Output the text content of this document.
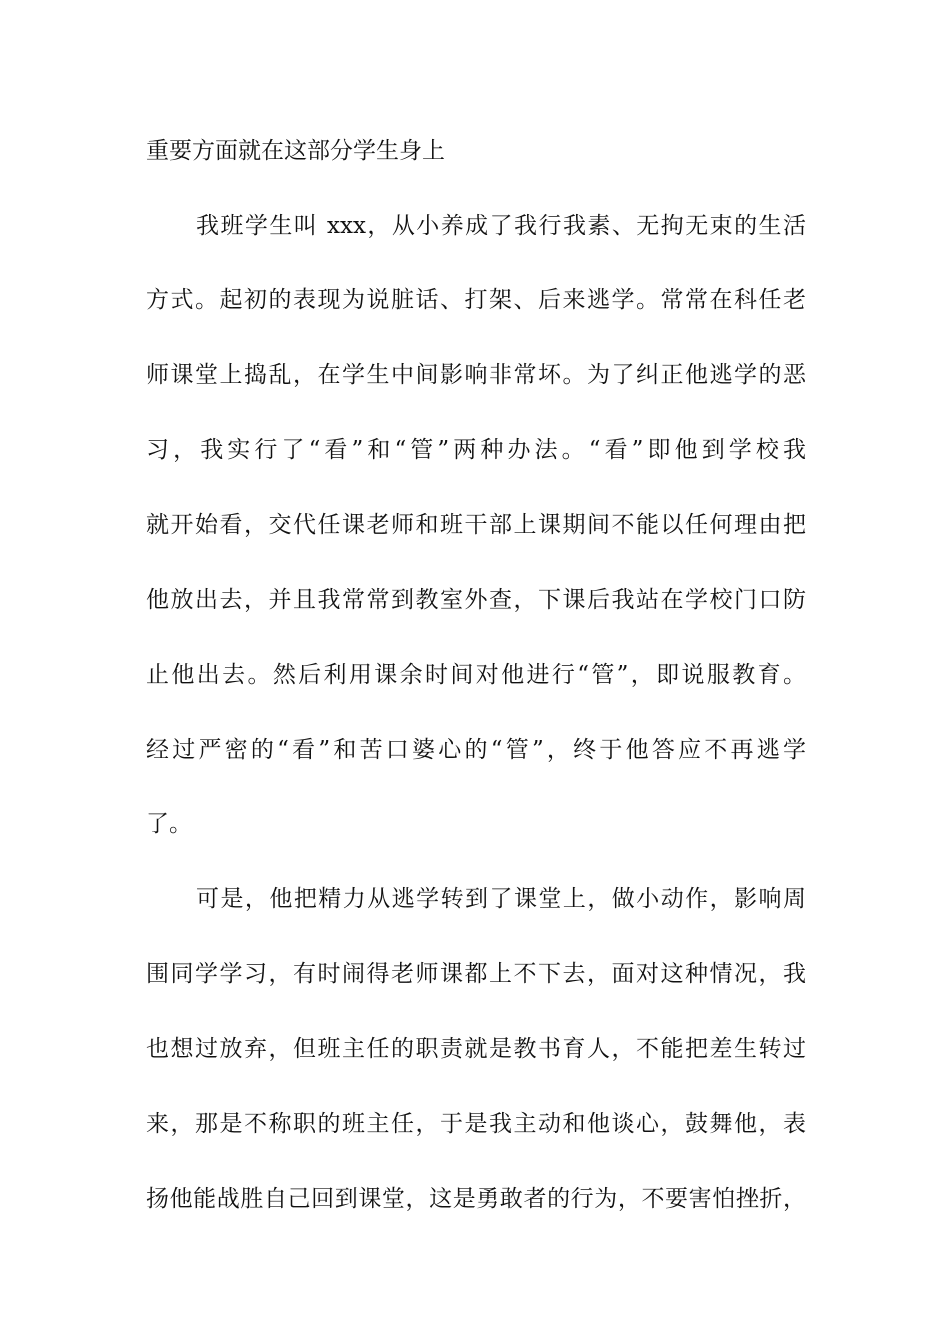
重要方面就在这部分学生身上
我班学生叫 xxx，从小养成了我行我素、无拘无束的生活
方式。起初的表现为说脏话、打架、后来逃学。常常在科任老
师课堂上捣乱，在学生中间影响非常坏。为了纠正他逃学的恶
习，我实行了“看”和“管”两种办法。“看”即他到学校我
就开始看，交代任课老师和班干部上课期间不能以任何理由把
他放出去，并且我常常到教室外查，下课后我站在学校门口防
止他出去。然后利用课余时间对他进行“管”，即说服教育。
经过严密的“看”和苦口婆心的“管”，终于他答应不再逃学
了。
可是，他把精力从逃学转到了课堂上，做小动作，影响周
围同学学习，有时闹得老师课都上不下去，面对这种情况，我
也想过放弃，但班主任的职责就是教书育人，不能把差生转过
来，那是不称职的班主任，于是我主动和他谈心，鼓舞他，表
扬他能战胜自己回到课堂，这是勇敢者的行为，不要害怕挫折，
